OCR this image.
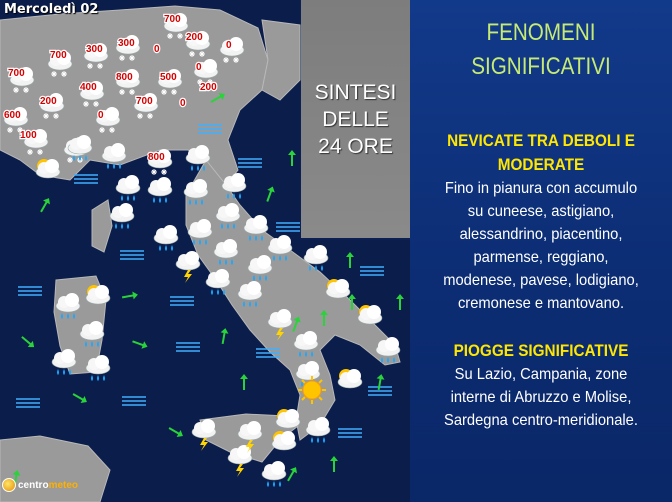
700
200
0
700
300
300
0
700
200
400
800	500
0
0
200
700
600
0
100
800
Mercoledì 02
centro meteo
SINTESI
DELLE
24 ORE
FENOMENI
SIGNIFICATIVI
NEVICATE TRA DEBOLI E
MODERATE
Fino in pianura con accumulo
su cuneese, astigiano,
alessandrino, piacentino,
parmense, reggiano,
modenese, pavese, lodigiano,
cremonese e mantovano.
PIOGGE SIGNIFICATIVE
Su Lazio, Campania, zone
interne di Abruzzo e Molise,
Sardegna centro-meridionale.
